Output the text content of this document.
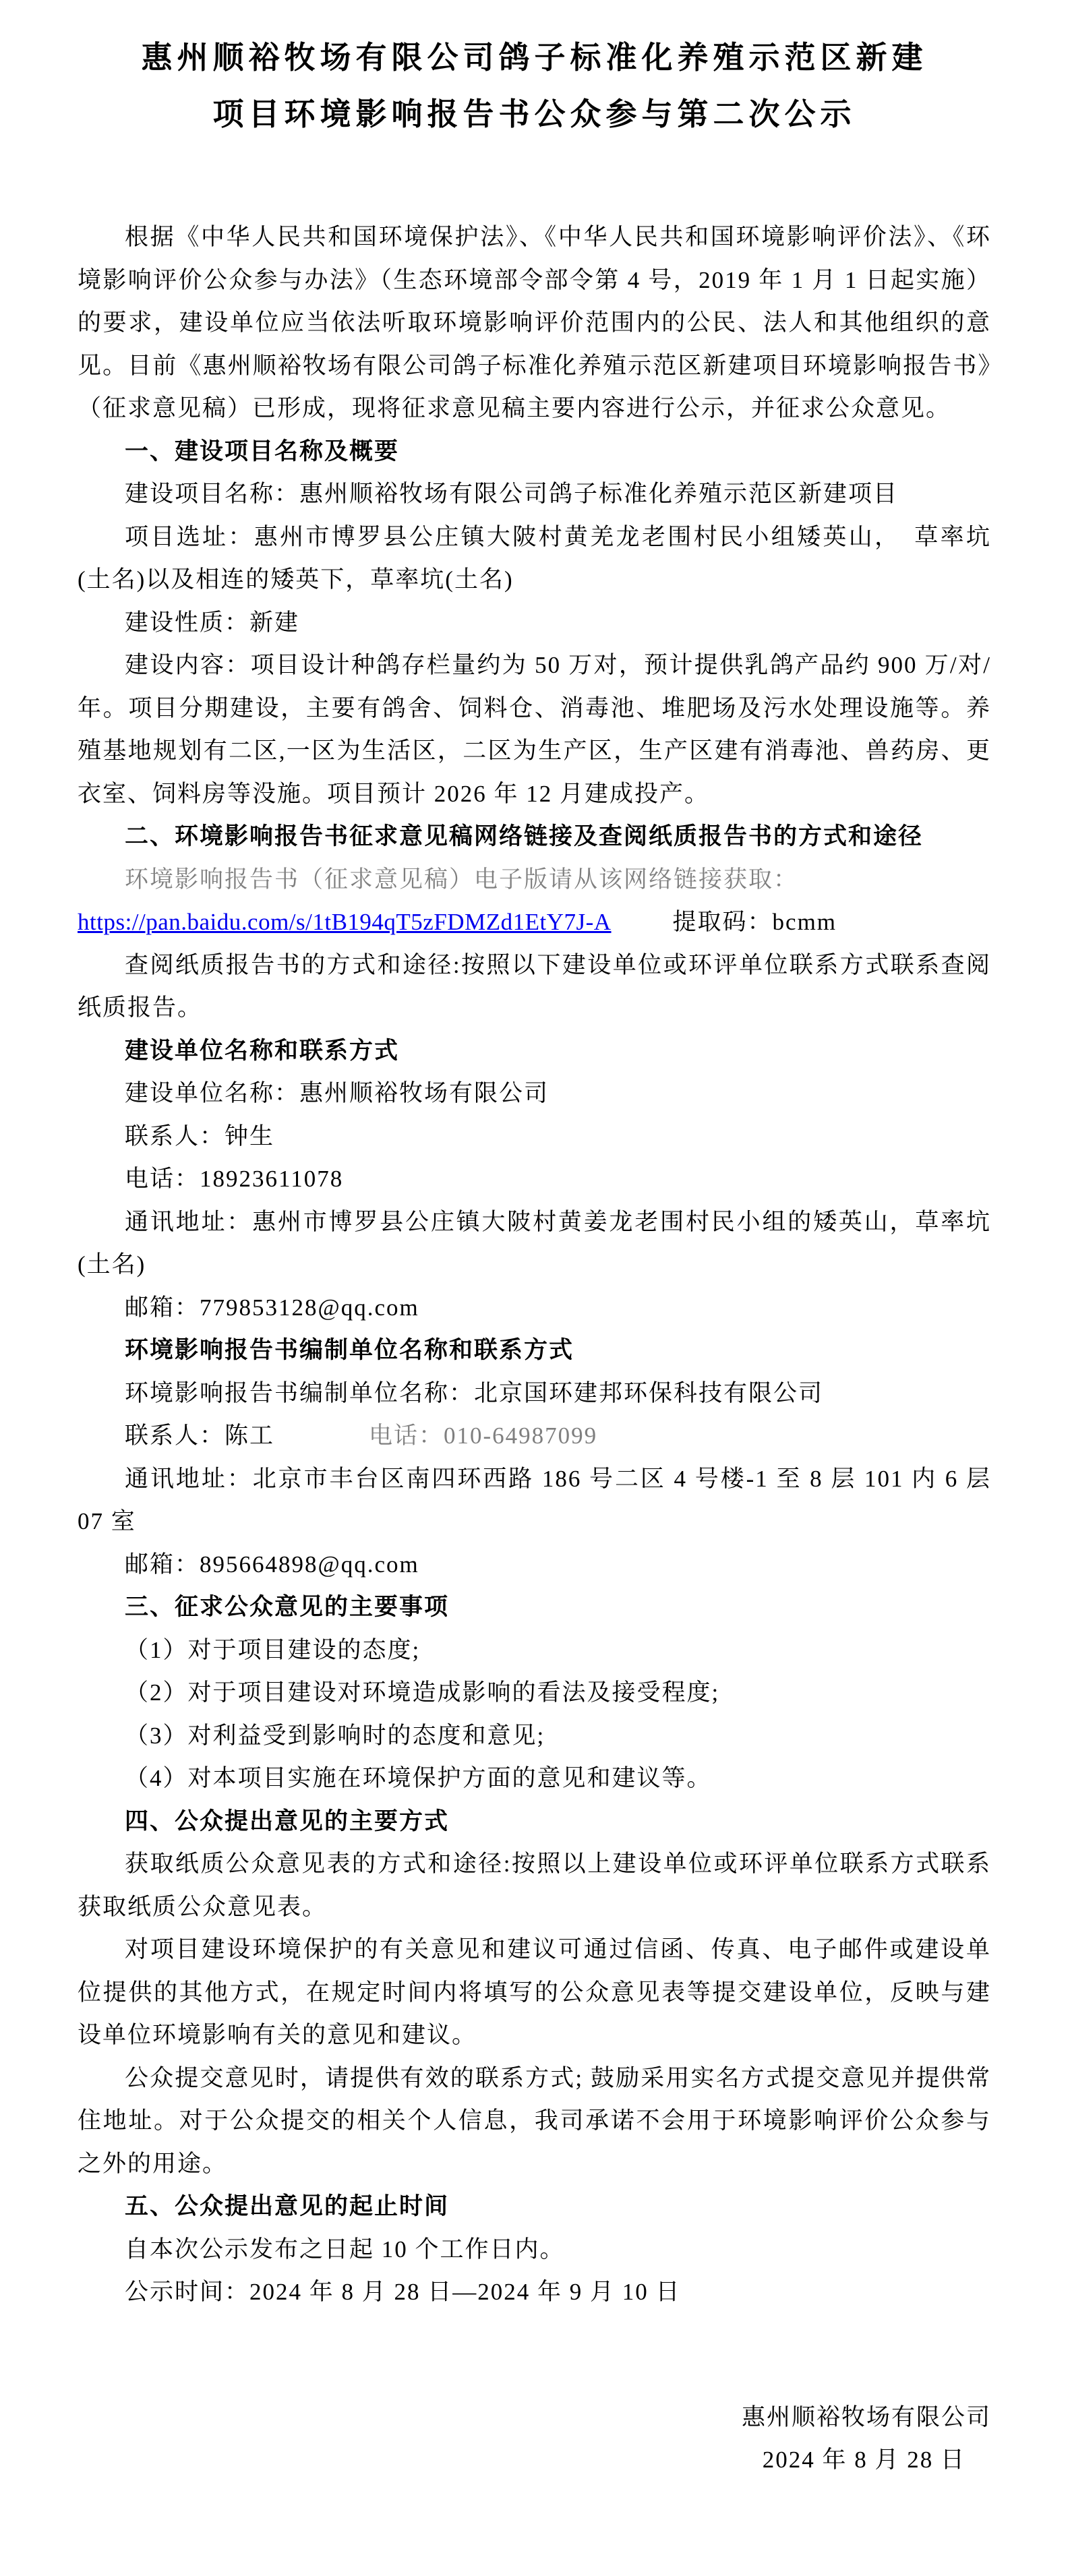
惠州顺裕牧场有限公司鸽子标准化养殖示范区新建
项目环境影响报告书公众参与第二次公示

根据《中华人民共和国环境保护法》、《中华人民共和国环境影响评价法》、《环境影响评价公众参与办法》（生态环境部令部令第 4 号，2019 年 1 月 1 日起实施）的要求，建设单位应当依法听取环境影响评价范围内的公民、法人和其他组织的意见。目前《惠州顺裕牧场有限公司鸽子标准化养殖示范区新建项目环境影响报告书》（征求意见稿）已形成，现将征求意见稿主要内容进行公示，并征求公众意见。

一、建设项目名称及概要

建设项目名称：惠州顺裕牧场有限公司鸽子标准化养殖示范区新建项目

项目选址：惠州市博罗县公庄镇大陂村黄羌龙老围村民小组矮英山，　草率坑(土名)以及相连的矮英下，草率坑(土名)

建设性质：新建

建设内容：项目设计种鸽存栏量约为 50 万对，预计提供乳鸽产品约 900 万/对/年。项目分期建设，主要有鸽舍、饲料仓、消毒池、堆肥场及污水处理设施等。养殖基地规划有二区,一区为生活区，二区为生产区，生产区建有消毒池、兽药房、更衣室、饲料房等没施。项目预计 2026 年 12 月建成投产。

二、环境影响报告书征求意见稿网络链接及查阅纸质报告书的方式和途径

环境影响报告书（征求意见稿）电子版请从该网络链接获取：

https://pan.baidu.com/s/1tB194qT5zFDMZd1EtY7J-A	提取码：bcmm

查阅纸质报告书的方式和途径:按照以下建设单位或环评单位联系方式联系查阅纸质报告。

建设单位名称和联系方式

建设单位名称：惠州顺裕牧场有限公司

联系人：钟生

电话：18923611078

通讯地址：惠州市博罗县公庄镇大陂村黄姜龙老围村民小组的矮英山，草率坑(土名)

邮箱：779853128@qq.com

环境影响报告书编制单位名称和联系方式

环境影响报告书编制单位名称：北京国环建邦环保科技有限公司

联系人：陈工	电话：010-64987099

通讯地址：北京市丰台区南四环西路 186 号二区 4 号楼-1 至 8 层 101 内 6 层 07 室

邮箱：895664898@qq.com

三、征求公众意见的主要事项

（1）对于项目建设的态度;

（2）对于项目建设对环境造成影响的看法及接受程度;

（3）对利益受到影响时的态度和意见;

（4）对本项目实施在环境保护方面的意见和建议等。

四、公众提出意见的主要方式

获取纸质公众意见表的方式和途径:按照以上建设单位或环评单位联系方式联系获取纸质公众意见表。

对项目建设环境保护的有关意见和建议可通过信函、传真、电子邮件或建设单位提供的其他方式，在规定时间内将填写的公众意见表等提交建设单位，反映与建设单位环境影响有关的意见和建议。

公众提交意见时，请提供有效的联系方式; 鼓励采用实名方式提交意见并提供常住地址。对于公众提交的相关个人信息，我司承诺不会用于环境影响评价公众参与之外的用途。

五、公众提出意见的起止时间

自本次公示发布之日起 10 个工作日内。

公示时间：2024 年 8 月 28 日—2024 年 9 月 10 日

惠州顺裕牧场有限公司

2024 年 8 月 28 日
